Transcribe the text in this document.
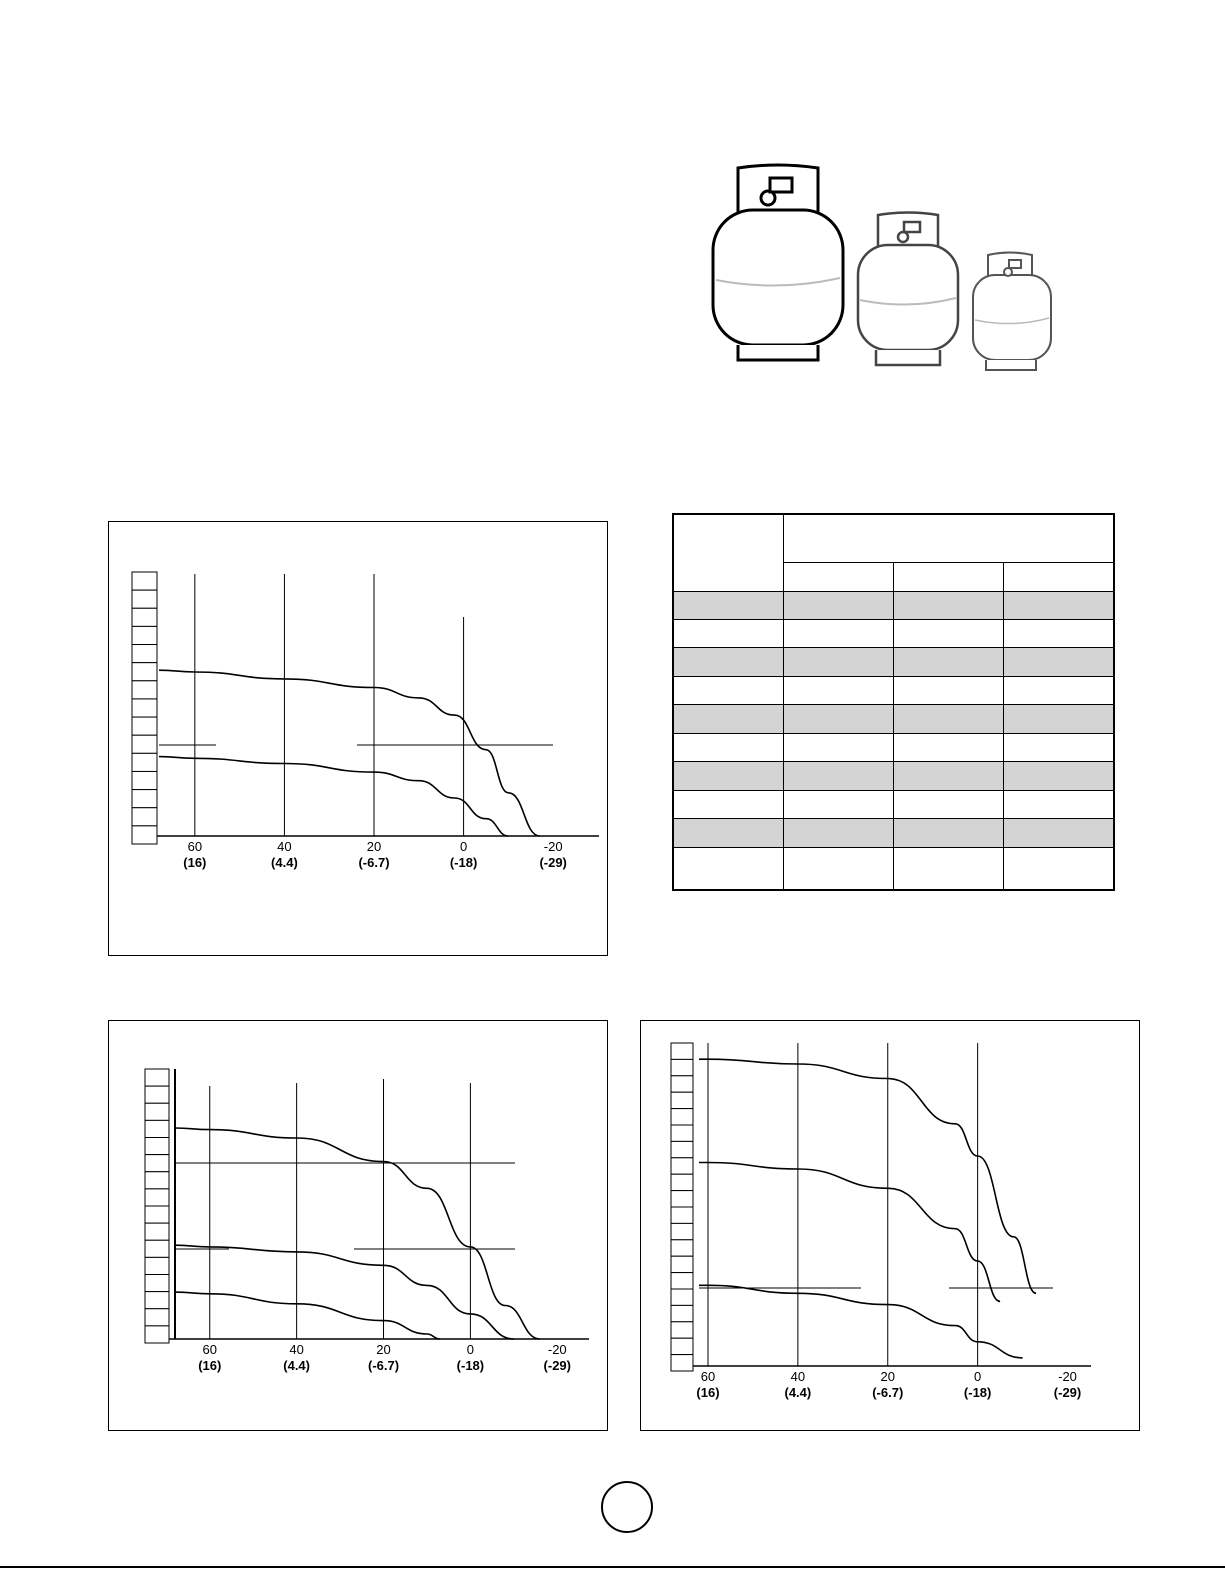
60
(16)
40
(4.4)
20
(-6.7)
0
(-18)
-20
(-29)

60
(16)
40
(4.4)
20
(-6.7)
0
(-18)
-20
(-29)
60
(16)
40
(4.4)
20
(-6.7)
0
(-18)
-20
(-29)
